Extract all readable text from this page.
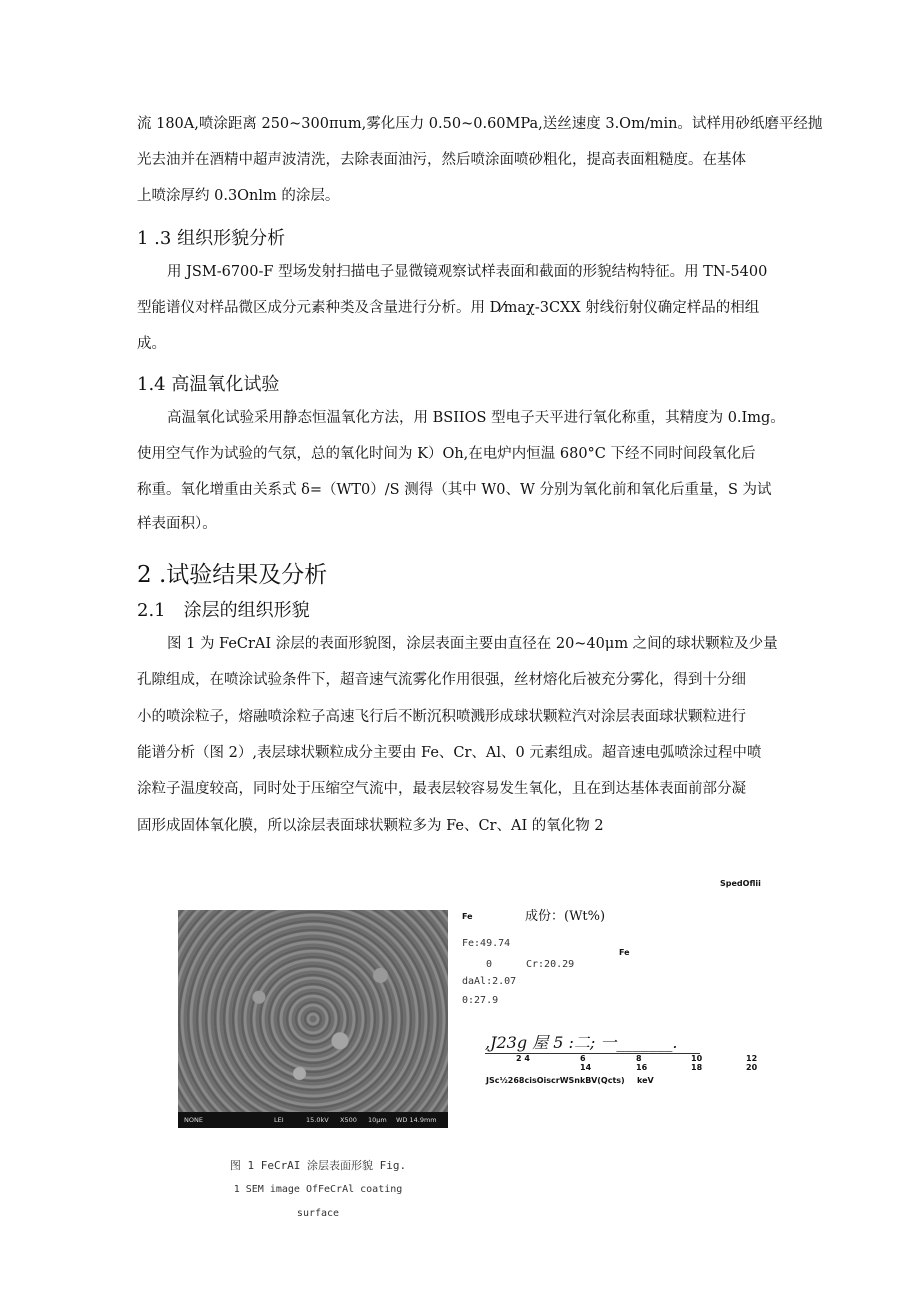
流 180A,喷涂距离 250~300πum,雾化压力 0.50~0.60MPa,送丝速度 3.Om/min。试样用砂纸磨平经抛
光去油并在酒精中超声波清洗，去除表面油污，然后喷涂面喷砂粗化，提高表面粗糙度。在基体
上喷涂厚约 0.3Onlm 的涂层。
1 .3 组织形貌分析
用 JSM-6700-F 型场发射扫描电子显微镜观察试样表面和截面的形貌结构特征。用 TN-5400
型能谱仪对样品微区成分元素种类及含量进行分析。用 D⁄maχ-3CXX 射线衍射仪确定样品的相组
成。
1.4 高温氧化试验
高温氧化试验采用静态恒温氧化方法，用 BSIIOS 型电子天平进行氧化称重，其精度为 0.Img。
使用空气作为试验的气氛，总的氧化时间为 K）Oh,在电炉内恒温 680°C 下经不同时间段氧化后
称重。氧化增重由关系式 δ=（WT0）/S 测得（其中 W0、W 分别为氧化前和氧化后重量，S 为试
样表面积）。
2 .试验结果及分析
2.1　涂层的组织形貌
图 1 为 FeCrAI 涂层的表面形貌图，涂层表面主要由直径在 20~40μm 之间的球状颗粒及少量
孔隙组成，在喷涂试验条件下，超音速气流雾化作用很强，丝材熔化后被充分雾化，得到十分细
小的喷涂粒子，熔融喷涂粒子高速飞行后不断沉积喷溅形成球状颗粒汽对涂层表面球状颗粒进行
能谱分析（图 2）,表层球状颗粒成分主要由 Fe、Cr、Al、0 元素组成。超音速电弧喷涂过程中喷
涂粒子温度较高，同时处于压缩空气流中，最表层较容易发生氧化，且在到达基体表面前部分凝
固形成固体氧化膜，所以涂层表面球状颗粒多为 Fe、Cr、AI 的氧化物 2
NONE	LEI	15.0kV X500 10μm WD 14.9mm
SpedOflii
Fe	成份：(Wt%)
Fe:49.74
Fe
0	Cr:20.29
daAl:2.07
0:27.9
,J23g 屋 5 :二; 一_______.
2 4	6	8	10	12
14	16	18	20
JSc½268cisOiscrWSnkBV(Qcts) keV
图 1 FeCrAI 涂层表面形貌 Fig.
1 SEM image OfFeCrAl coating
surface
